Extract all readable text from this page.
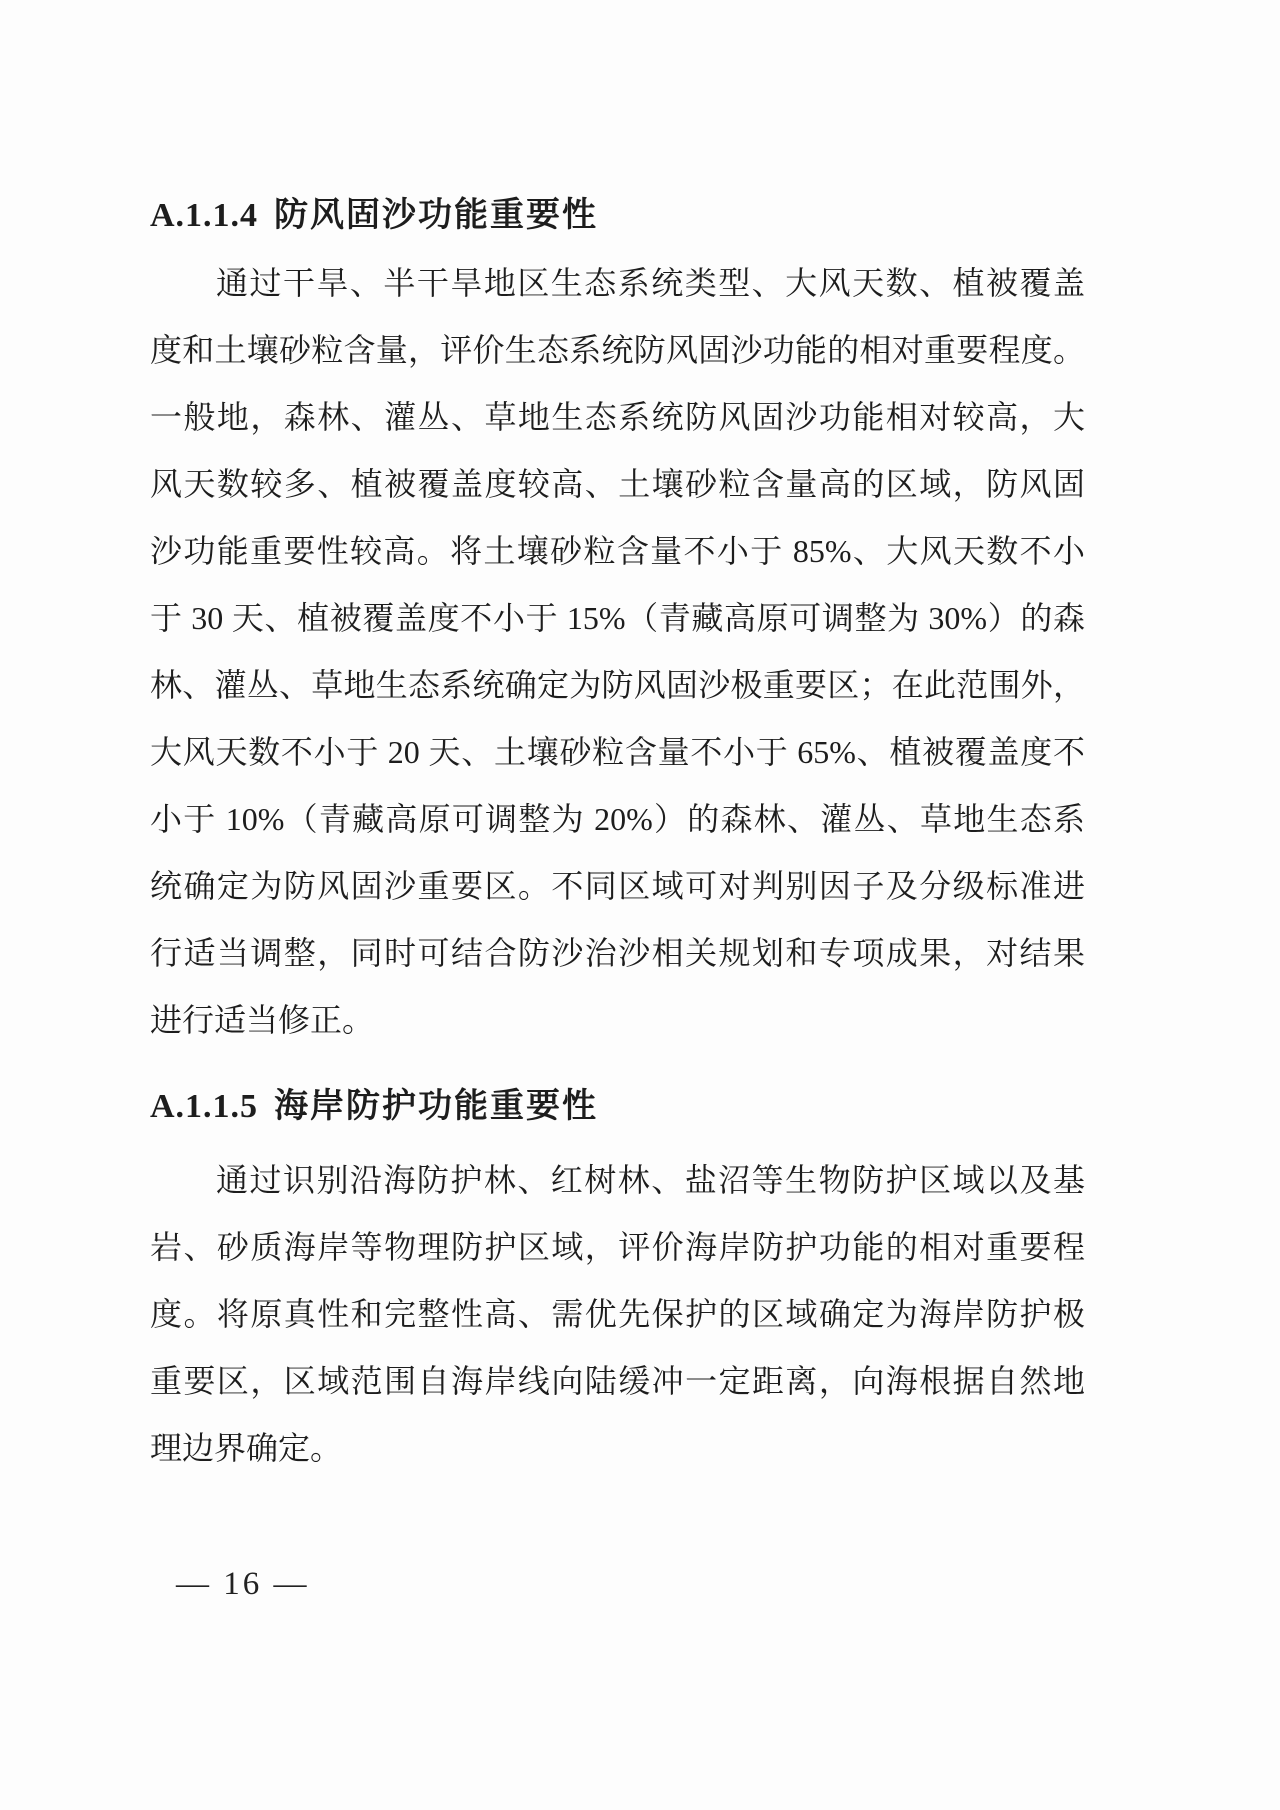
A.1.1.4 防风固沙功能重要性
通过干旱、半干旱地区生态系统类型、大风天数、植被覆盖
度和土壤砂粒含量，评价生态系统防风固沙功能的相对重要程度。
一般地，森林、灌丛、草地生态系统防风固沙功能相对较高，大
风天数较多、植被覆盖度较高、土壤砂粒含量高的区域，防风固
沙功能重要性较高。将土壤砂粒含量不小于 85%、大风天数不小
于 30 天、植被覆盖度不小于 15%（青藏高原可调整为 30%）的森
林、灌丛、草地生态系统确定为防风固沙极重要区；在此范围外，
大风天数不小于 20 天、土壤砂粒含量不小于 65%、植被覆盖度不
小于 10%（青藏高原可调整为 20%）的森林、灌丛、草地生态系
统确定为防风固沙重要区。不同区域可对判别因子及分级标准进
行适当调整，同时可结合防沙治沙相关规划和专项成果，对结果
进行适当修正。
A.1.1.5 海岸防护功能重要性
通过识别沿海防护林、红树林、盐沼等生物防护区域以及基
岩、砂质海岸等物理防护区域，评价海岸防护功能的相对重要程
度。将原真性和完整性高、需优先保护的区域确定为海岸防护极
重要区，区域范围自海岸线向陆缓冲一定距离，向海根据自然地
理边界确定。
— 16 —
